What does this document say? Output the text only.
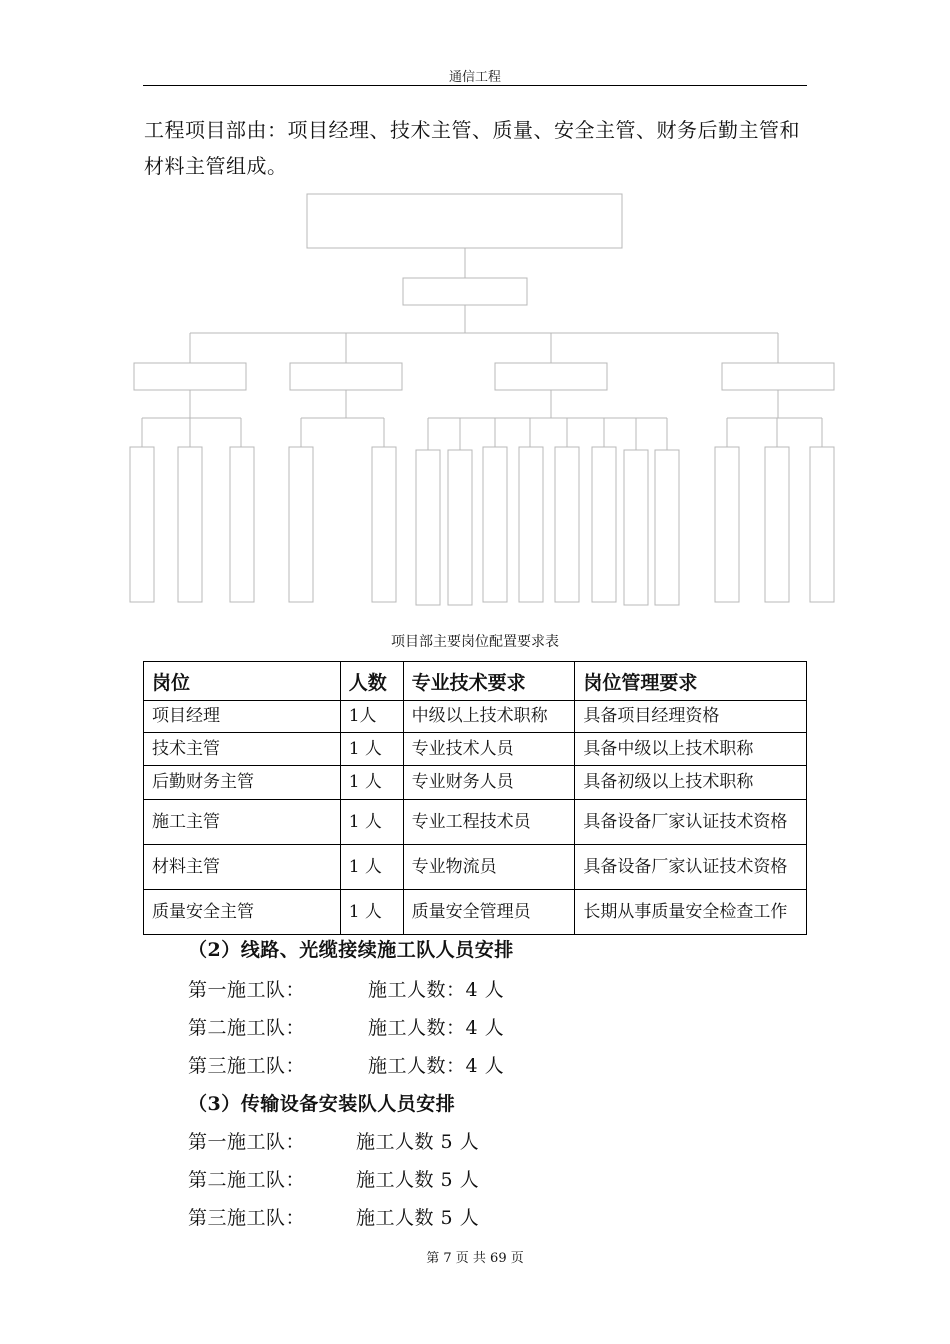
通信工程
工程项目部由：项目经理、技术主管、质量、安全主管、财务后勤主管和材料主管组成。
项目部主要岗位配置要求表
岗位	人数	专业技术要求	岗位管理要求
项目经理	1人	中级以上技术职称	具备项目经理资格
技术主管	1 人	专业技术人员	具备中级以上技术职称
后勤财务主管	1 人	专业财务人员	具备初级以上技术职称
施工主管	1 人	专业工程技术员	具备设备厂家认证技术资格
材料主管	1 人	专业物流员	具备设备厂家认证技术资格
质量安全主管	1 人	质量安全管理员	长期从事质量安全检查工作
（2）线路、光缆接续施工队人员安排
第一施工队：	施工人数：4 人
第二施工队：	施工人数：4 人
第三施工队：	施工人数：4 人
（3）传输设备安装队人员安排
第一施工队：	施工人数 5 人
第二施工队：	施工人数 5 人
第三施工队：	施工人数 5 人
第 7 页 共 69 页
